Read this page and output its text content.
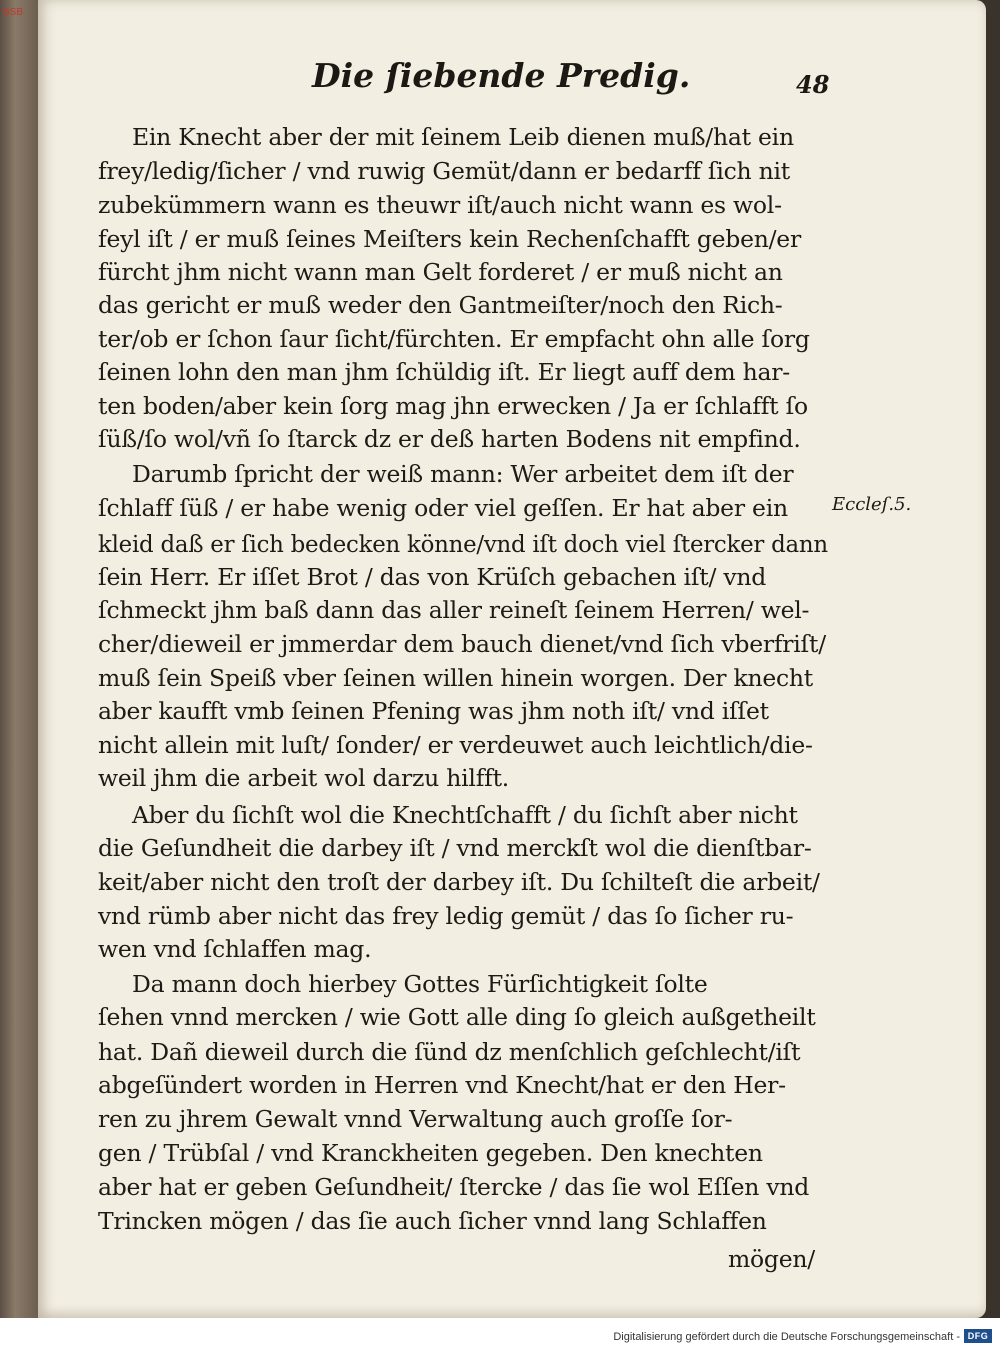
BSB
Die ſiebende Predig.	48
Eccleſ.5.
Ein Knecht aber der mit ſeinem Leib dienen muß/hat ein
frey/ledig/ſicher / vnd ruwig Gemüt/dann er bedarff ſich nit
zubekümmern wann es theuwr iſt/auch nicht wann es wol-
feyl iſt / er muß ſeines Meiſters kein Rechenſchafft geben/er
fürcht jhm nicht wann man Gelt forderet / er muß nicht an
das gericht er muß weder den Gantmeiſter/noch den Rich-
ter/ob er ſchon ſaur ſicht/fürchten. Er empfacht ohn alle ſorg
ſeinen lohn den man jhm ſchüldig iſt. Er liegt auff dem har-
ten boden/aber kein ſorg mag jhn erwecken / Ja er ſchlafft ſo
ſüß/ſo wol/vñ ſo ſtarck dz er deß harten Bodens nit empfind.
Darumb ſpricht der weiß mann: Wer arbeitet dem iſt der
ſchlaff ſüß / er habe wenig oder viel geſſen. Er hat aber ein
kleid daß er ſich bedecken könne/vnd iſt doch viel ſtercker dann
ſein Herr. Er iſſet Brot / das von Krüſch gebachen iſt/ vnd
ſchmeckt jhm baß dann das aller reineſt ſeinem Herren/ wel-
cher/dieweil er jmmerdar dem bauch dienet/vnd ſich vberfriſt/
muß ſein Speiß vber ſeinen willen hinein worgen. Der knecht
aber kaufft vmb ſeinen Pfening was jhm noth iſt/ vnd iſſet
nicht allein mit luſt/ ſonder/ er verdeuwet auch leichtlich/die-
weil jhm die arbeit wol darzu hilfft.
Aber du ſichſt wol die Knechtſchafft / du ſichſt aber nicht
die Geſundheit die darbey iſt / vnd merckſt wol die dienſtbar-
keit/aber nicht den troſt der darbey iſt. Du ſchilteſt die arbeit/
vnd rümb aber nicht das frey ledig gemüt / das ſo ſicher ru-
wen vnd ſchlaffen mag.
Da mann doch hierbey Gottes Fürſichtigkeit ſolte
ſehen vnnd mercken / wie Gott alle ding ſo gleich außgetheilt
hat. Dañ dieweil durch die ſünd dz menſchlich geſchlecht/iſt
abgeſündert worden in Herren vnd Knecht/hat er den Her-
ren zu jhrem Gewalt vnnd Verwaltung auch groſſe ſor-
gen / Trübſal / vnd Kranckheiten gegeben. Den knechten
aber hat er geben Geſundheit/ ſtercke / das ſie wol Eſſen vnd
Trincken mögen / das ſie auch ſicher vnnd lang Schlaffen
mögen/
Digitalisierung gefördert durch die Deutsche Forschungsgemeinschaft - DFG
